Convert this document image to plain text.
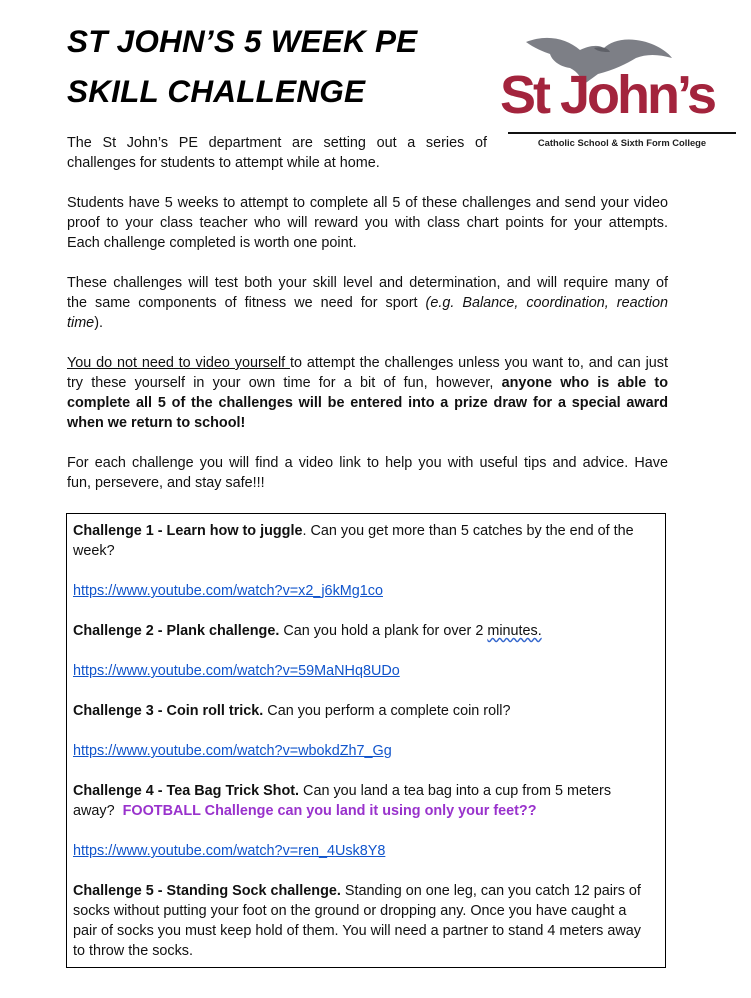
ST JOHN’S 5 WEEK PE
SKILL CHALLENGE	St John’s
Catholic School & Sixth Form College

The St John’s PE department are setting out a series of
challenges for students to attempt while at home.

Students have 5 weeks to attempt to complete all 5 of these challenges and send your video
proof to your class teacher who will reward you with class chart points for your attempts.
Each challenge completed is worth one point.

These challenges will test both your skill level and determination, and will require many of
the same components of fitness we need for sport (e.g. Balance, coordination, reaction
time).

You do not need to video yourself to attempt the challenges unless you want to, and can just
try these yourself in your own time for a bit of fun, however, anyone who is able to
complete all 5 of the challenges will be entered into a prize draw for a special award
when we return to school!

For each challenge you will find a video link to help you with useful tips and advice. Have
fun, persevere, and stay safe!!!

Challenge 1 - Learn how to juggle. Can you get more than 5 catches by the end of the
week?
https://www.youtube.com/watch?v=x2_j6kMg1co
Challenge 2 - Plank challenge. Can you hold a plank for over 2 minutes.
https://www.youtube.com/watch?v=59MaNHq8UDo
Challenge 3 - Coin roll trick. Can you perform a complete coin roll?
https://www.youtube.com/watch?v=wbokdZh7_Gg
Challenge 4 - Tea Bag Trick Shot. Can you land a tea bag into a cup from 5 meters
away?  FOOTBALL Challenge can you land it using only your feet??
https://www.youtube.com/watch?v=ren_4Usk8Y8
Challenge 5 - Standing Sock challenge. Standing on one leg, can you catch 12 pairs of
socks without putting your foot on the ground or dropping any. Once you have caught a
pair of socks you must keep hold of them. You will need a partner to stand 4 meters away
to throw the socks.
